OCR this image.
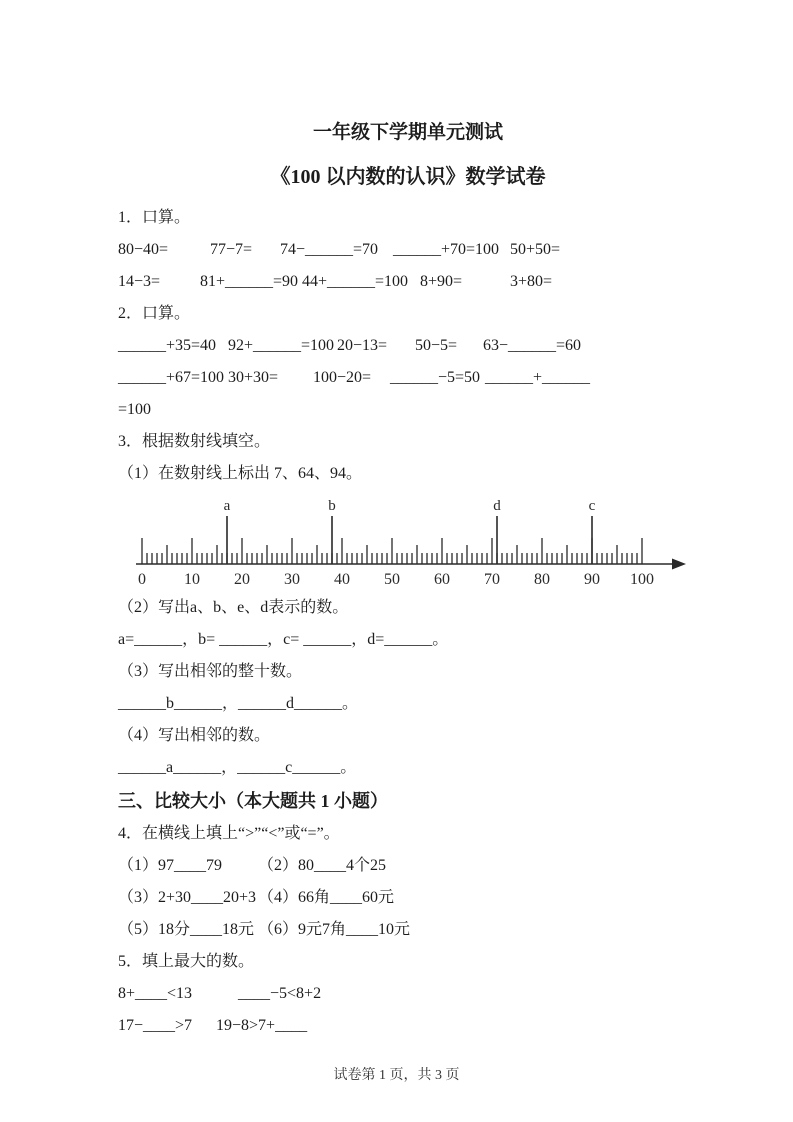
一年级下学期单元测试
《100 以内数的认识》数学试卷
1．口算。
80−40=	77−7=	74−______=70 ______+70=100 50+50=
14−3=	81+______=90 44+______=100 8+90=	3+80=
2．口算。
______+35=40 92+______=100 20−13=	50−5=	63−______=60
______+67=100 30+30=	100−20=	______−5=50 ______+______
=100
3．根据数射线填空。
（1）在数射线上标出 7、64、94。
0 10 20 30 40 50 60 70 80 90 100
a	b	d	c
（2）写出a、b、e、d表示的数。
a=______，b= ______，c= ______，d=______。
（3）写出相邻的整十数。
______b______，______d______。
（4）写出相邻的数。
______a______，______c______。
三、比较大小（本大题共 1 小题）
4．在横线上填上“>”“<”或“=”。
（1）97____79	（2）80____4个25
（3）2+30____20+3 （4）66角____60元
（5）18分____18元 （6）9元7角____10元
5．填上最大的数。
8+____<13	____−5<8+2
17−____>7	19−8>7+____
试卷第 1 页，共 3 页
